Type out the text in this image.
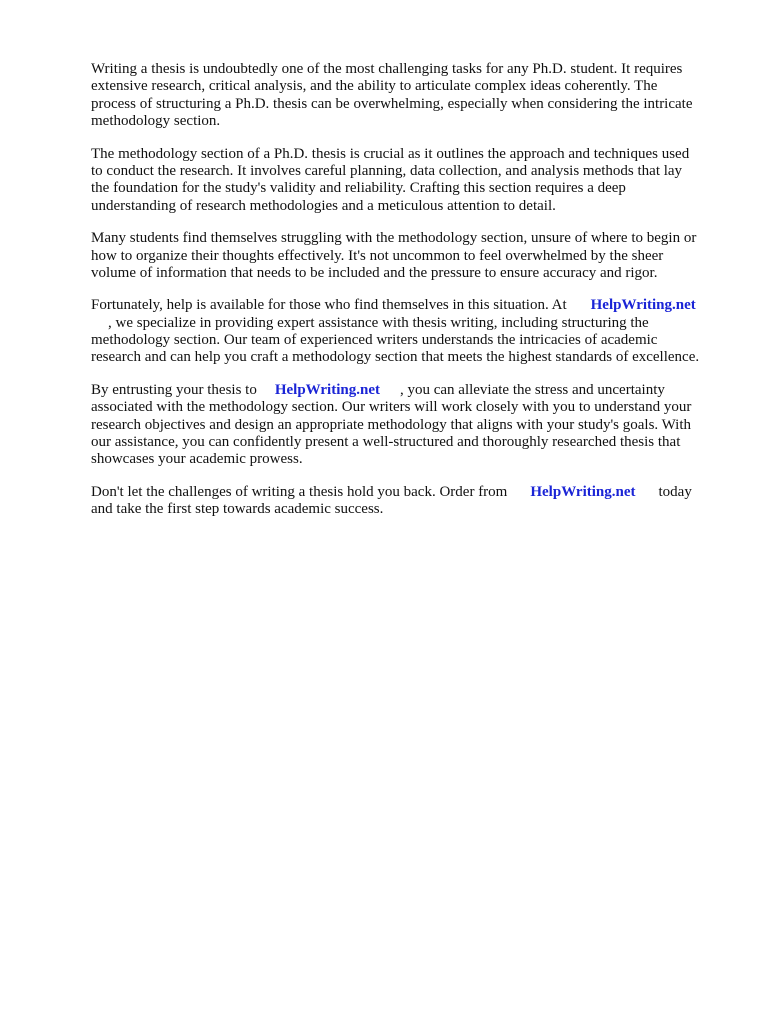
Writing a thesis is undoubtedly one of the most challenging tasks for any Ph.D. student. It requires
extensive research, critical analysis, and the ability to articulate complex ideas coherently. The
process of structuring a Ph.D. thesis can be overwhelming, especially when considering the intricate
methodology section.

The methodology section of a Ph.D. thesis is crucial as it outlines the approach and techniques used
to conduct the research. It involves careful planning, data collection, and analysis methods that lay
the foundation for the study's validity and reliability. Crafting this section requires a deep
understanding of research methodologies and a meticulous attention to detail.

Many students find themselves struggling with the methodology section, unsure of where to begin or
how to organize their thoughts effectively. It's not uncommon to feel overwhelmed by the sheer
volume of information that needs to be included and the pressure to ensure accuracy and rigor.

Fortunately, help is available for those who find themselves in this situation. At HelpWriting.net
, we specialize in providing expert assistance with thesis writing, including structuring the
methodology section. Our team of experienced writers understands the intricacies of academic
research and can help you craft a methodology section that meets the highest standards of excellence.

By entrusting your thesis to HelpWriting.net , you can alleviate the stress and uncertainty
associated with the methodology section. Our writers will work closely with you to understand your
research objectives and design an appropriate methodology that aligns with your study's goals. With
our assistance, you can confidently present a well-structured and thoroughly researched thesis that
showcases your academic prowess.

Don't let the challenges of writing a thesis hold you back. Order from HelpWriting.net today
and take the first step towards academic success.
